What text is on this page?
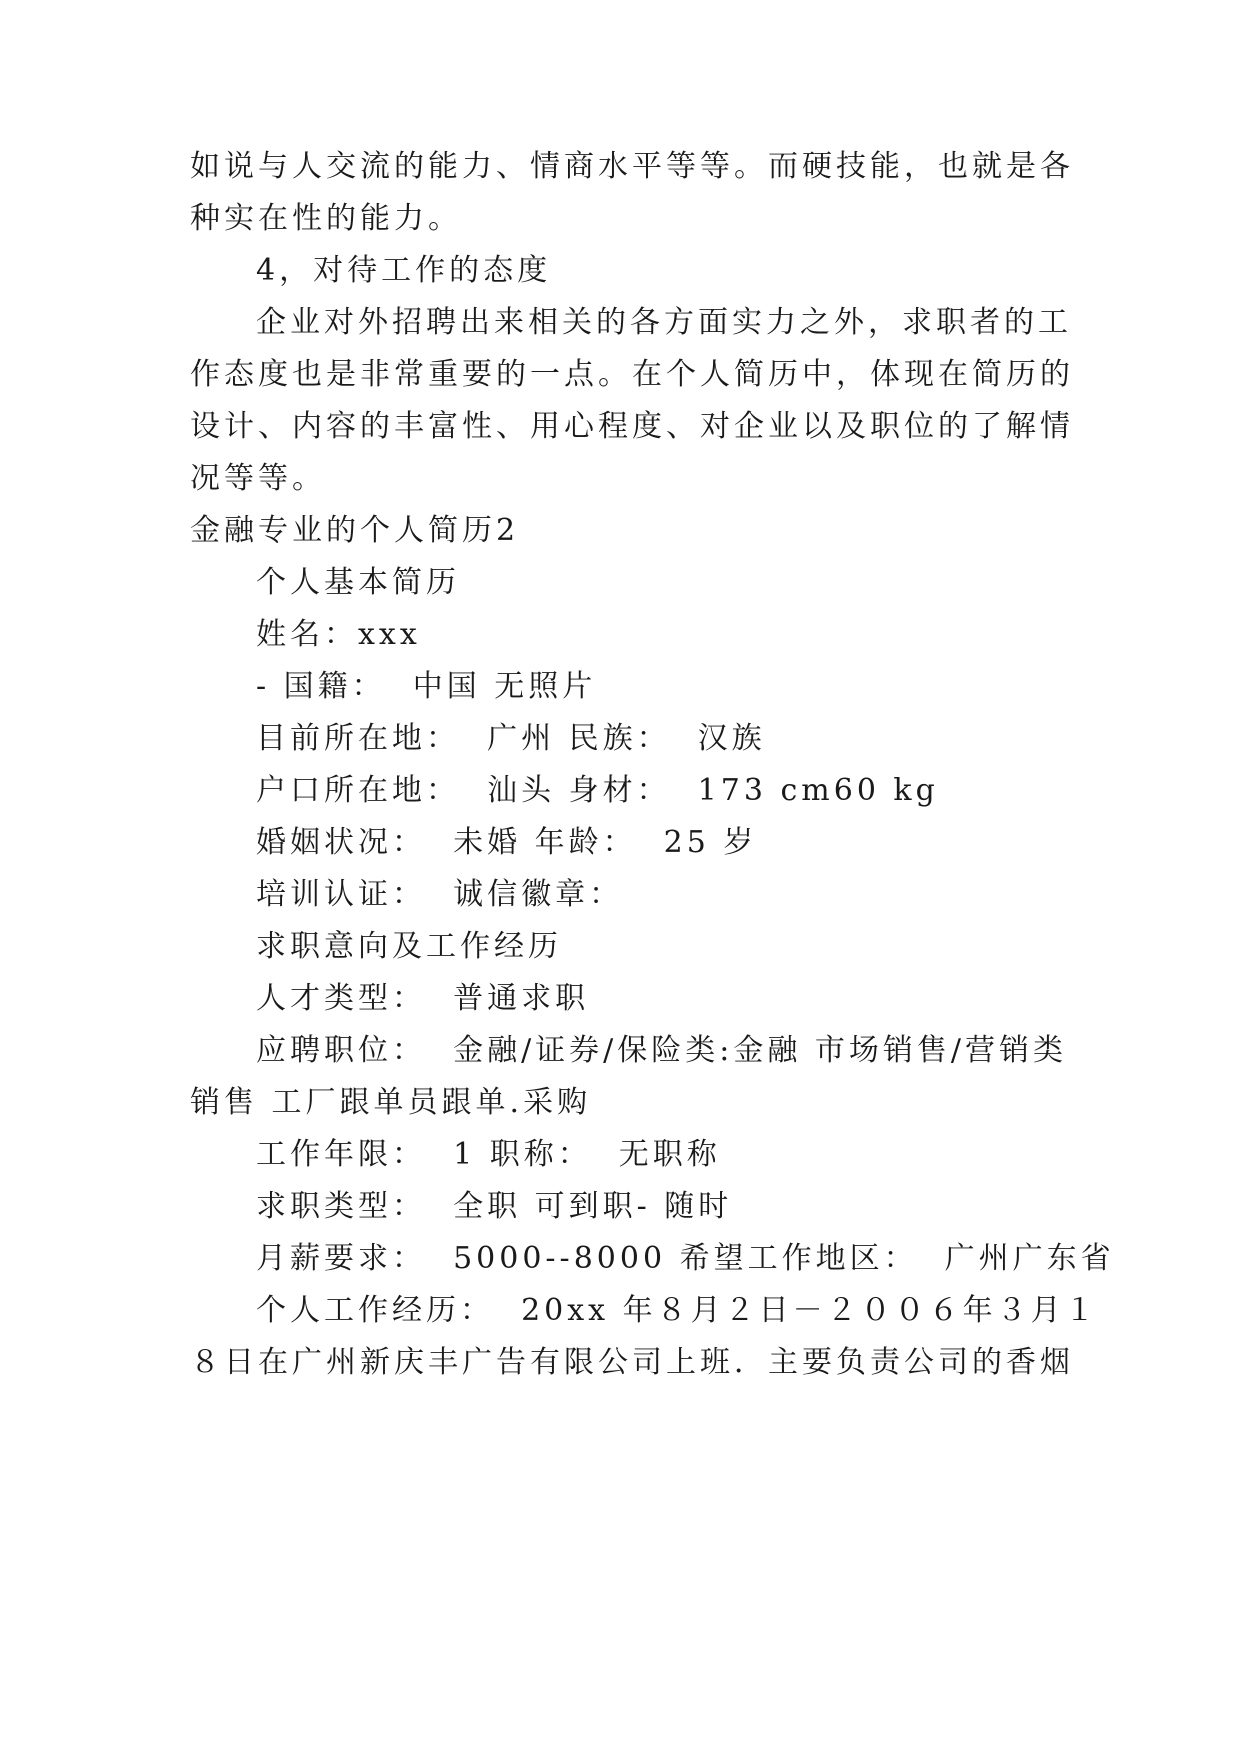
如说与人交流的能力、情商水平等等。而硬技能，也就是各
种实在性的能力。
4，对待工作的态度
企业对外招聘出来相关的各方面实力之外，求职者的工
作态度也是非常重要的一点。在个人简历中，体现在简历的
设计、内容的丰富性、用心程度、对企业以及职位的了解情
况等等。
金融专业的个人简历2
个人基本简历
姓名：xxx
- 国籍：  中国 无照片
目前所在地：  广州 民族：  汉族
户口所在地：  汕头 身材：  173 cm60 kg
婚姻状况：  未婚 年龄：  25 岁
培训认证：  诚信徽章：
求职意向及工作经历
人才类型：  普通求职
应聘职位：  金融/证券/保险类:金融 市场销售/营销类
销售 工厂跟单员跟单.采购
工作年限：  1 职称：  无职称
求职类型：  全职 可到职- 随时
月薪要求：  5000--8000 希望工作地区：  广州广东省
个人工作经历：  20xx 年８月２日－２００６年３月１
８日在广州新庆丰广告有限公司上班．主要负责公司的香烟
